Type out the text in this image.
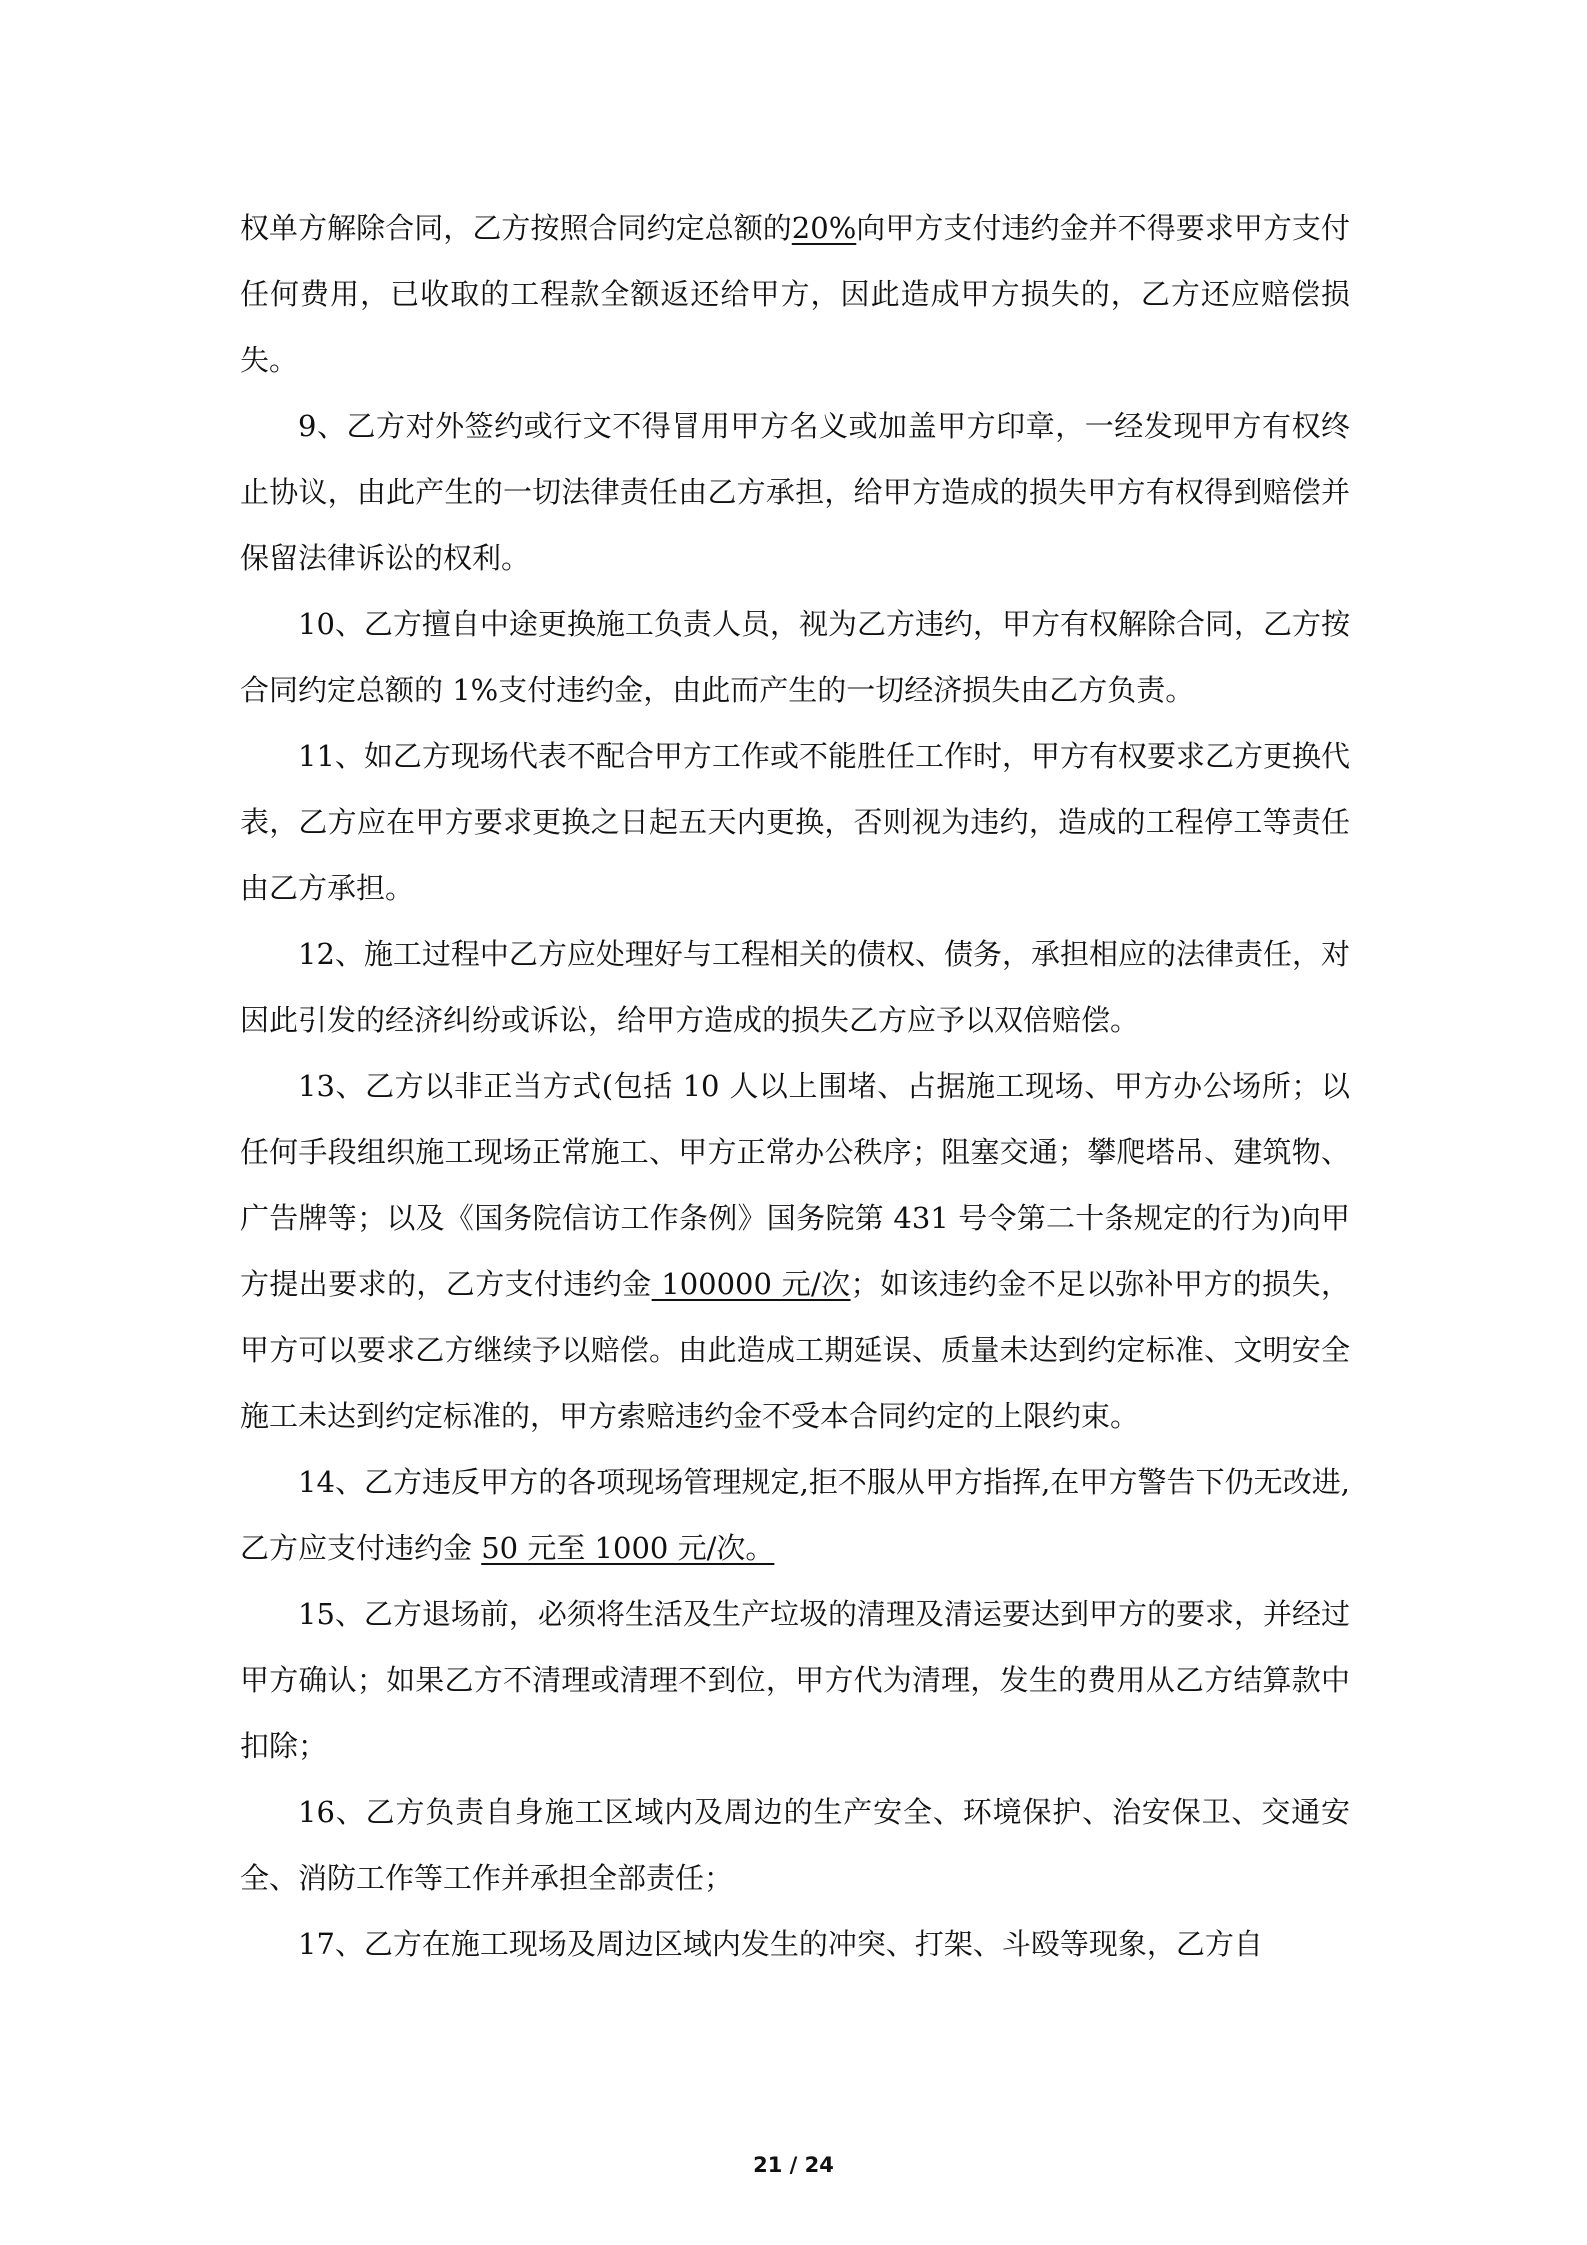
权单方解除合同，乙方按照合同约定总额的20%向甲方支付违约金并不得要求甲方支付任何费用，已收取的工程款全额返还给甲方，因此造成甲方损失的，乙方还应赔偿损失。

9、乙方对外签约或行文不得冒用甲方名义或加盖甲方印章，一经发现甲方有权终止协议，由此产生的一切法律责任由乙方承担，给甲方造成的损失甲方有权得到赔偿并保留法律诉讼的权利。

10、乙方擅自中途更换施工负责人员，视为乙方违约，甲方有权解除合同，乙方按合同约定总额的 1%支付违约金，由此而产生的一切经济损失由乙方负责。

11、如乙方现场代表不配合甲方工作或不能胜任工作时，甲方有权要求乙方更换代表，乙方应在甲方要求更换之日起五天内更换，否则视为违约，造成的工程停工等责任由乙方承担。

12、施工过程中乙方应处理好与工程相关的债权、债务，承担相应的法律责任，对因此引发的经济纠纷或诉讼，给甲方造成的损失乙方应予以双倍赔偿。

13、乙方以非正当方式(包括 10 人以上围堵、占据施工现场、甲方办公场所；以任何手段组织施工现场正常施工、甲方正常办公秩序；阻塞交通；攀爬塔吊、建筑物、广告牌等；以及《国务院信访工作条例》国务院第 431 号令第二十条规定的行为)向甲方提出要求的，乙方支付违约金 100000 元/次；如该违约金不足以弥补甲方的损失，甲方可以要求乙方继续予以赔偿。由此造成工期延误、质量未达到约定标准、文明安全施工未达到约定标准的，甲方索赔违约金不受本合同约定的上限约束。

14、乙方违反甲方的各项现场管理规定,拒不服从甲方指挥,在甲方警告下仍无改进,乙方应支付违约金 50 元至 1000 元/次。

15、乙方退场前，必须将生活及生产垃圾的清理及清运要达到甲方的要求，并经过甲方确认；如果乙方不清理或清理不到位，甲方代为清理，发生的费用从乙方结算款中扣除；

16、乙方负责自身施工区域内及周边的生产安全、环境保护、治安保卫、交通安全、消防工作等工作并承担全部责任；

17、乙方在施工现场及周边区域内发生的冲突、打架、斗殴等现象，乙方自

21 / 24
